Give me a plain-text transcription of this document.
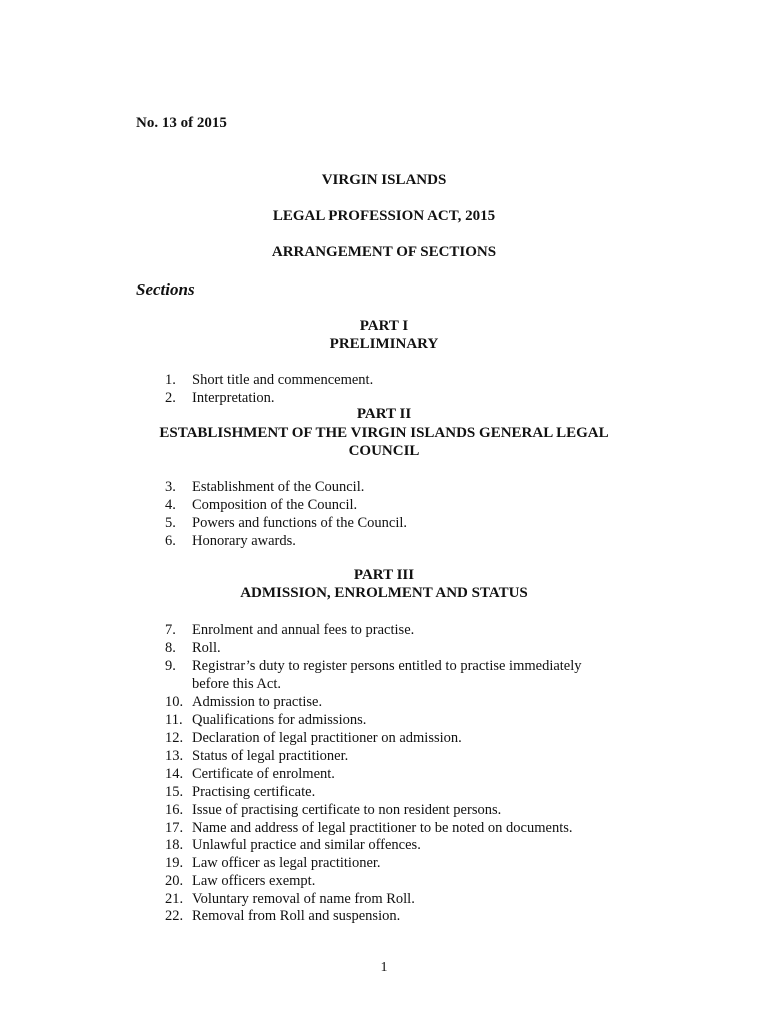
No. 13 of 2015
VIRGIN ISLANDS
LEGAL PROFESSION ACT, 2015
ARRANGEMENT OF SECTIONS
Sections
PART I
PRELIMINARY
1. Short title and commencement.
2. Interpretation.
PART II
ESTABLISHMENT OF THE VIRGIN ISLANDS GENERAL LEGAL
COUNCIL
3. Establishment of the Council.
4. Composition of the Council.
5. Powers and functions of the Council.
6. Honorary awards.
PART III
ADMISSION, ENROLMENT AND STATUS
7. Enrolment and annual fees to practise.
8. Roll.
9. Registrar’s duty to register persons entitled to practise immediately
before this Act.
10. Admission to practise.
11. Qualifications for admissions.
12. Declaration of legal practitioner on admission.
13. Status of legal practitioner.
14. Certificate of enrolment.
15. Practising certificate.
16. Issue of practising certificate to non resident persons.
17. Name and address of legal practitioner to be noted on documents.
18. Unlawful practice and similar offences.
19. Law officer as legal practitioner.
20. Law officers exempt.
21. Voluntary removal of name from Roll.
22. Removal from Roll and suspension.
1
